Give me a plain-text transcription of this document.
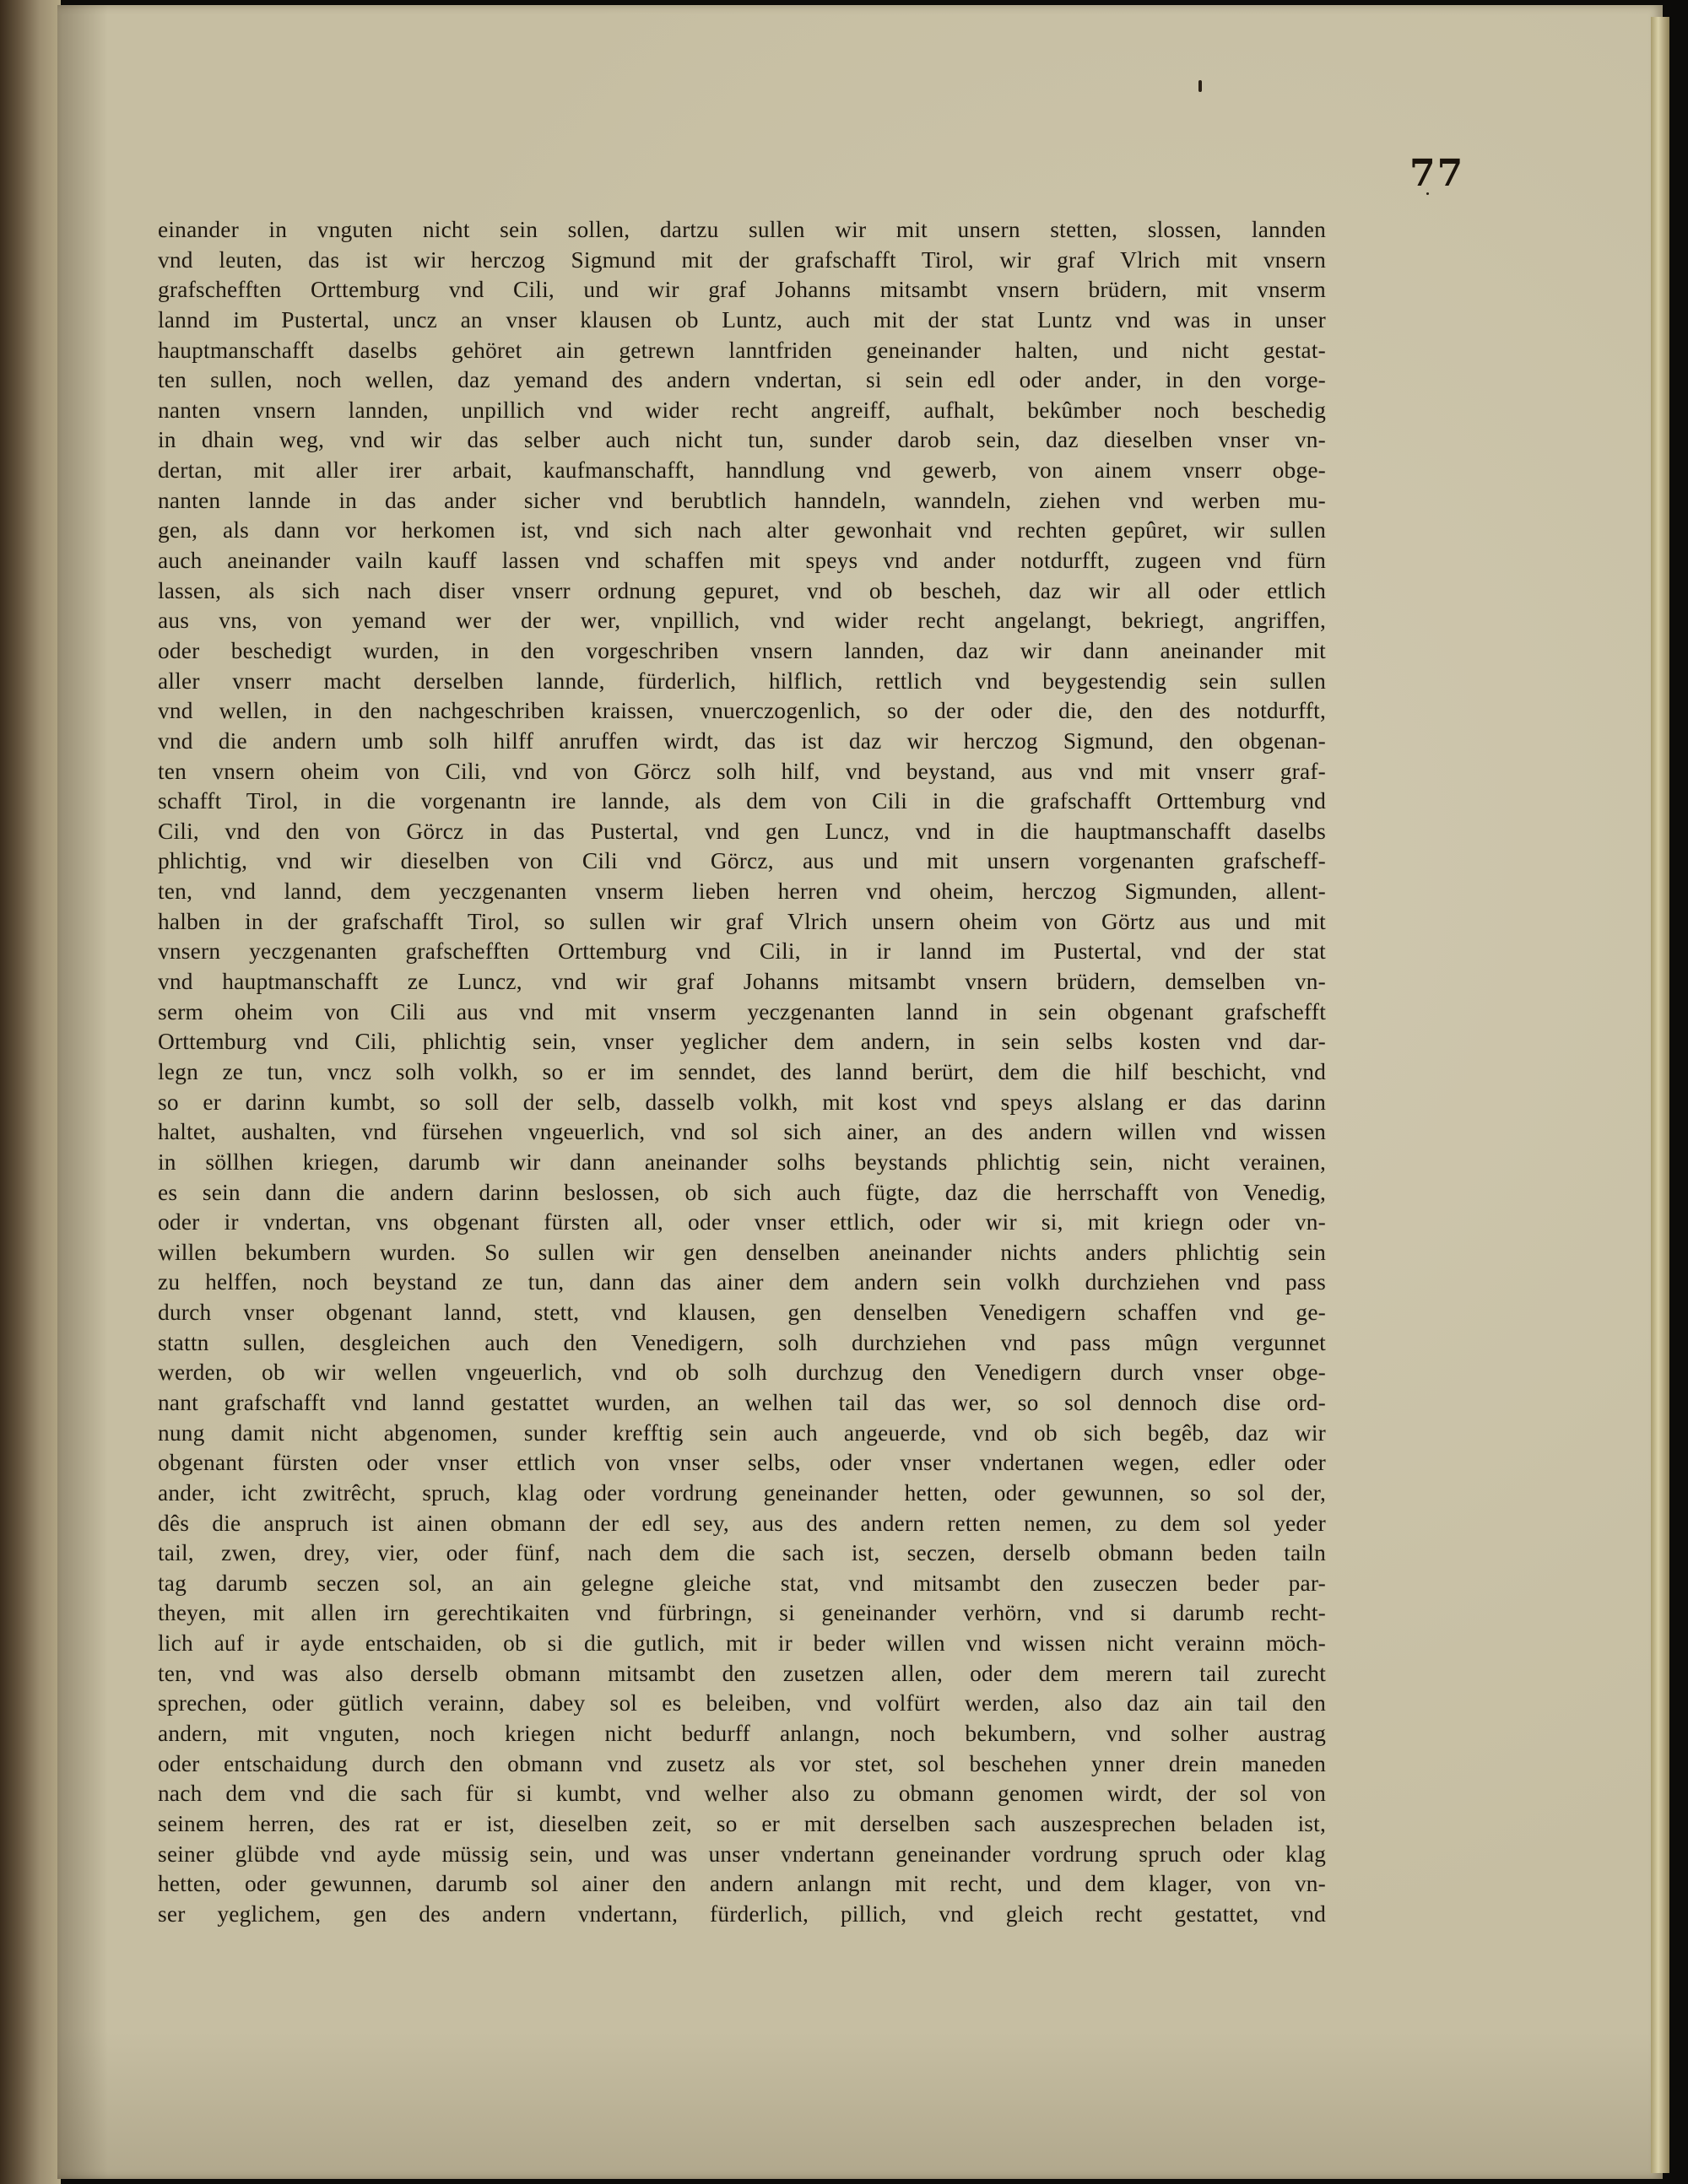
77
einander in vnguten nicht sein sollen, dartzu sullen wir mit unsern stetten, slossen, lannden
vnd leuten, das ist wir herczog Sigmund mit der grafschafft Tirol, wir graf Vlrich mit vnsern
grafschefften Orttemburg vnd Cili, und wir graf Johanns mitsambt vnsern brüdern, mit vnserm
lannd im Pustertal, uncz an vnser klausen ob Luntz, auch mit der stat Luntz vnd was in unser
hauptmanschafft daselbs gehöret ain getrewn lanntfriden geneinander halten, und nicht gestat-
ten sullen, noch wellen, daz yemand des andern vndertan, si sein edl oder ander, in den vorge-
nanten vnsern lannden, unpillich vnd wider recht angreiff, aufhalt, bekûmber noch beschedig
in dhain weg, vnd wir das selber auch nicht tun, sunder darob sein, daz dieselben vnser vn-
dertan, mit aller irer arbait, kaufmanschafft, hanndlung vnd gewerb, von ainem vnserr obge-
nanten lannde in das ander sicher vnd berubtlich hanndeln, wanndeln, ziehen vnd werben mu-
gen, als dann vor herkomen ist, vnd sich nach alter gewonhait vnd rechten gepûret, wir sullen
auch aneinander vailn kauff lassen vnd schaffen mit speys vnd ander notdurfft, zugeen vnd fürn
lassen, als sich nach diser vnserr ordnung gepuret, vnd ob bescheh, daz wir all oder ettlich
aus vns, von yemand wer der wer, vnpillich, vnd wider recht angelangt, bekriegt, angriffen,
oder beschedigt wurden, in den vorgeschriben vnsern lannden, daz wir dann aneinander mit
aller vnserr macht derselben lannde, fürderlich, hilflich, rettlich vnd beygestendig sein sullen
vnd wellen, in den nachgeschriben kraissen, vnuerczogenlich, so der oder die, den des notdurfft,
vnd die andern umb solh hilff anruffen wirdt, das ist daz wir herczog Sigmund, den obgenan-
ten vnsern oheim von Cili, vnd von Görcz solh hilf, vnd beystand, aus vnd mit vnserr graf-
schafft Tirol, in die vorgenantn ire lannde, als dem von Cili in die grafschafft Orttemburg vnd
Cili, vnd den von Görcz in das Pustertal, vnd gen Luncz, vnd in die hauptmanschafft daselbs
phlichtig, vnd wir dieselben von Cili vnd Görcz, aus und mit unsern vorgenanten grafscheff-
ten, vnd lannd, dem yeczgenanten vnserm lieben herren vnd oheim, herczog Sigmunden, allent-
halben in der grafschafft Tirol, so sullen wir graf Vlrich unsern oheim von Görtz aus und mit
vnsern yeczgenanten grafschefften Orttemburg vnd Cili, in ir lannd im Pustertal, vnd der stat
vnd hauptmanschafft ze Luncz, vnd wir graf Johanns mitsambt vnsern brüdern, demselben vn-
serm oheim von Cili aus vnd mit vnserm yeczgenanten lannd in sein obgenant grafschefft
Orttemburg vnd Cili, phlichtig sein, vnser yeglicher dem andern, in sein selbs kosten vnd dar-
legn ze tun, vncz solh volkh, so er im senndet, des lannd berürt, dem die hilf beschicht, vnd
so er darinn kumbt, so soll der selb, dasselb volkh, mit kost vnd speys alslang er das darinn
haltet, aushalten, vnd fürsehen vngeuerlich, vnd sol sich ainer, an des andern willen vnd wissen
in söllhen kriegen, darumb wir dann aneinander solhs beystands phlichtig sein, nicht verainen,
es sein dann die andern darinn beslossen, ob sich auch fügte, daz die herrschafft von Venedig,
oder ir vndertan, vns obgenant fürsten all, oder vnser ettlich, oder wir si, mit kriegn oder vn-
willen bekumbern wurden. So sullen wir gen denselben aneinander nichts anders phlichtig sein
zu helffen, noch beystand ze tun, dann das ainer dem andern sein volkh durchziehen vnd pass
durch vnser obgenant lannd, stett, vnd klausen, gen denselben Venedigern schaffen vnd ge-
stattn sullen, desgleichen auch den Venedigern, solh durchziehen vnd pass mûgn vergunnet
werden, ob wir wellen vngeuerlich, vnd ob solh durchzug den Venedigern durch vnser obge-
nant grafschafft vnd lannd gestattet wurden, an welhen tail das wer, so sol dennoch dise ord-
nung damit nicht abgenomen, sunder krefftig sein auch angeuerde, vnd ob sich begêb, daz wir
obgenant fürsten oder vnser ettlich von vnser selbs, oder vnser vndertanen wegen, edler oder
ander, icht zwitrêcht, spruch, klag oder vordrung geneinander hetten, oder gewunnen, so sol der,
dês die anspruch ist ainen obmann der edl sey, aus des andern retten nemen, zu dem sol yeder
tail, zwen, drey, vier, oder fünf, nach dem die sach ist, seczen, derselb obmann beden tailn
tag darumb seczen sol, an ain gelegne gleiche stat, vnd mitsambt den zuseczen beder par-
theyen, mit allen irn gerechtikaiten vnd fürbringn, si geneinander verhörn, vnd si darumb recht-
lich auf ir ayde entschaiden, ob si die gutlich, mit ir beder willen vnd wissen nicht verainn möch-
ten, vnd was also derselb obmann mitsambt den zusetzen allen, oder dem merern tail zurecht
sprechen, oder gütlich verainn, dabey sol es beleiben, vnd volfürt werden, also daz ain tail den
andern, mit vnguten, noch kriegen nicht bedurff anlangn, noch bekumbern, vnd solher austrag
oder entschaidung durch den obmann vnd zusetz als vor stet, sol beschehen ynner drein maneden
nach dem vnd die sach für si kumbt, vnd welher also zu obmann genomen wirdt, der sol von
seinem herren, des rat er ist, dieselben zeit, so er mit derselben sach auszesprechen beladen ist,
seiner glübde vnd ayde müssig sein, und was unser vndertann geneinander vordrung spruch oder klag
hetten, oder gewunnen, darumb sol ainer den andern anlangn mit recht, und dem klager, von vn-
ser yeglichem, gen des andern vndertann, fürderlich, pillich, vnd gleich recht gestattet, vnd
